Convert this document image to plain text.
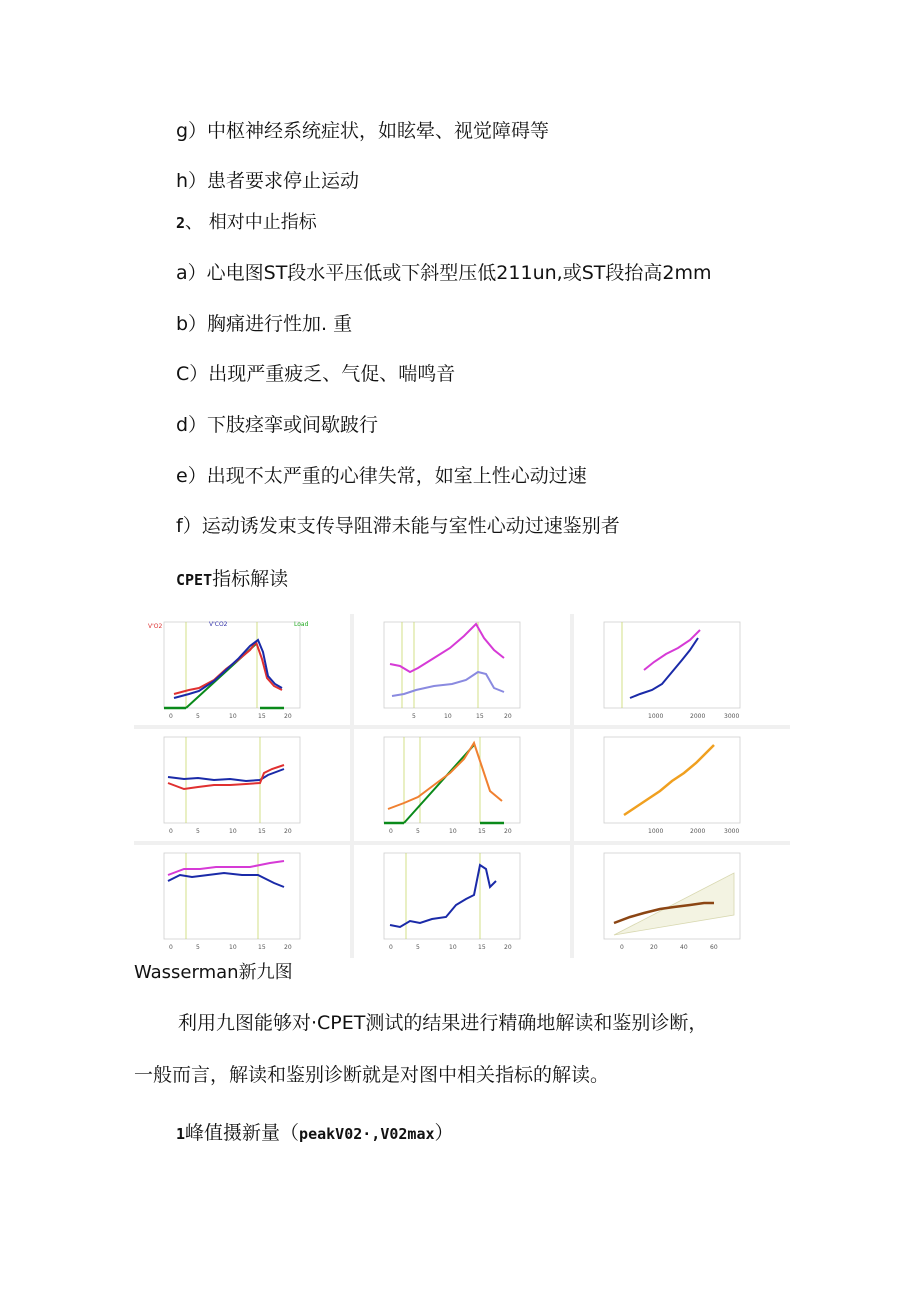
g）中枢神经系统症状，如眩晕、视觉障碍等
h）患者要求停止运动
2、 相对中止指标
a）心电图ST段水平压低或下斜型压低211un,或ST段抬高2mm
b）胸痛进行性加. 重
C）出现严重疲乏、气促、喘鸣音
d）下肢痉挛或间歇跛行
e）出现不太严重的心律失常，如室上性心动过速
f）运动诱发束支传导阻滞未能与室性心动过速鉴别者
CPET指标解读
V'O2	V'CO2	Load
0	5	10	15	20	5	10	15	20	1000	2000	3000
0	5	10	15	20	0	5	10	15	20	1000	2000	3000
0	5	10	15	20	0	5	10	15	20	0	20	40	60
Wasserman新九图
利用九图能够对·CPET测试的结果进行精确地解读和鉴别诊断，
一般而言，解读和鉴别诊断就是对图中相关指标的解读。
1峰值摄新量（peakV02·,V02max）
